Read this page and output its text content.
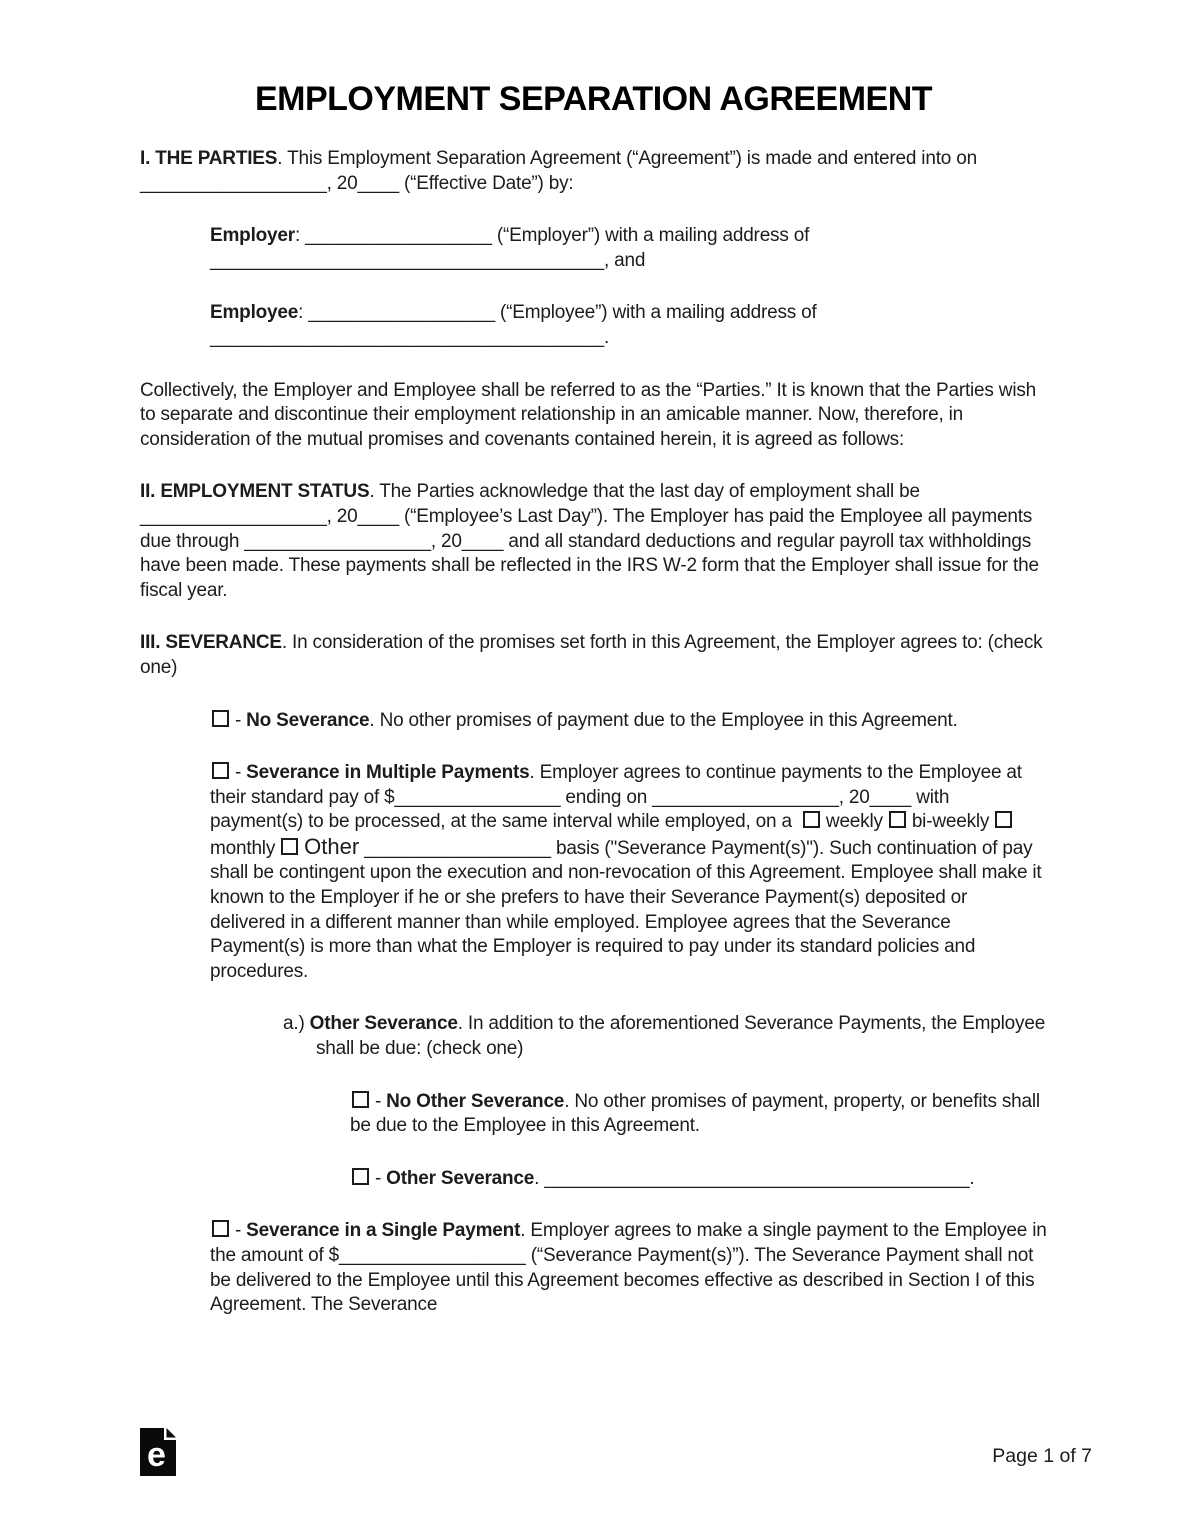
EMPLOYMENT SEPARATION AGREEMENT

I. THE PARTIES. This Employment Separation Agreement (“Agreement”) is made and entered into on __________________, 20____ (“Effective Date”) by:

Employer: __________________ (“Employer”) with a mailing address of ______________________________________, and

Employee: __________________ (“Employee”) with a mailing address of ______________________________________.

Collectively, the Employer and Employee shall be referred to as the “Parties.” It is known that the Parties wish to separate and discontinue their employment relationship in an amicable manner. Now, therefore, in consideration of the mutual promises and covenants contained herein, it is agreed as follows:

II. EMPLOYMENT STATUS. The Parties acknowledge that the last day of employment shall be __________________, 20____ (“Employee’s Last Day”). The Employer has paid the Employee all payments due through __________________, 20____ and all standard deductions and regular payroll tax withholdings have been made. These payments shall be reflected in the IRS W-2 form that the Employer shall issue for the fiscal year.

III. SEVERANCE. In consideration of the promises set forth in this Agreement, the Employer agrees to: (check one)

- No Severance. No other promises of payment due to the Employee in this Agreement.

- Severance in Multiple Payments. Employer agrees to continue payments to the Employee at their standard pay of $________________ ending on __________________, 20____ with payment(s) to be processed, at the same interval while employed, on a weekly bi-weeklymonthly Other __________________ basis ("Severance Payment(s)"). Such continuation of pay shall be contingent upon the execution and non-revocation of this Agreement. Employee shall make it known to the Employer if he or she prefers to have their Severance Payment(s) deposited or delivered in a different manner than while employed. Employee agrees that the Severance Payment(s) is more than what the Employer is required to pay under its standard policies and procedures.

a.) Other Severance. In addition to the aforementioned Severance Payments, the Employee shall be due: (check one)

- No Other Severance. No other promises of payment, property, or benefits shall be due to the Employee in this Agreement.

- Other Severance. _________________________________________.

- Severance in a Single Payment. Employer agrees to make a single payment to the Employee in the amount of $__________________ (“Severance Payment(s)”). The Severance Payment shall not be delivered to the Employee until this Agreement becomes effective as described in Section I of this Agreement. The Severance

e	Page 1 of 7
